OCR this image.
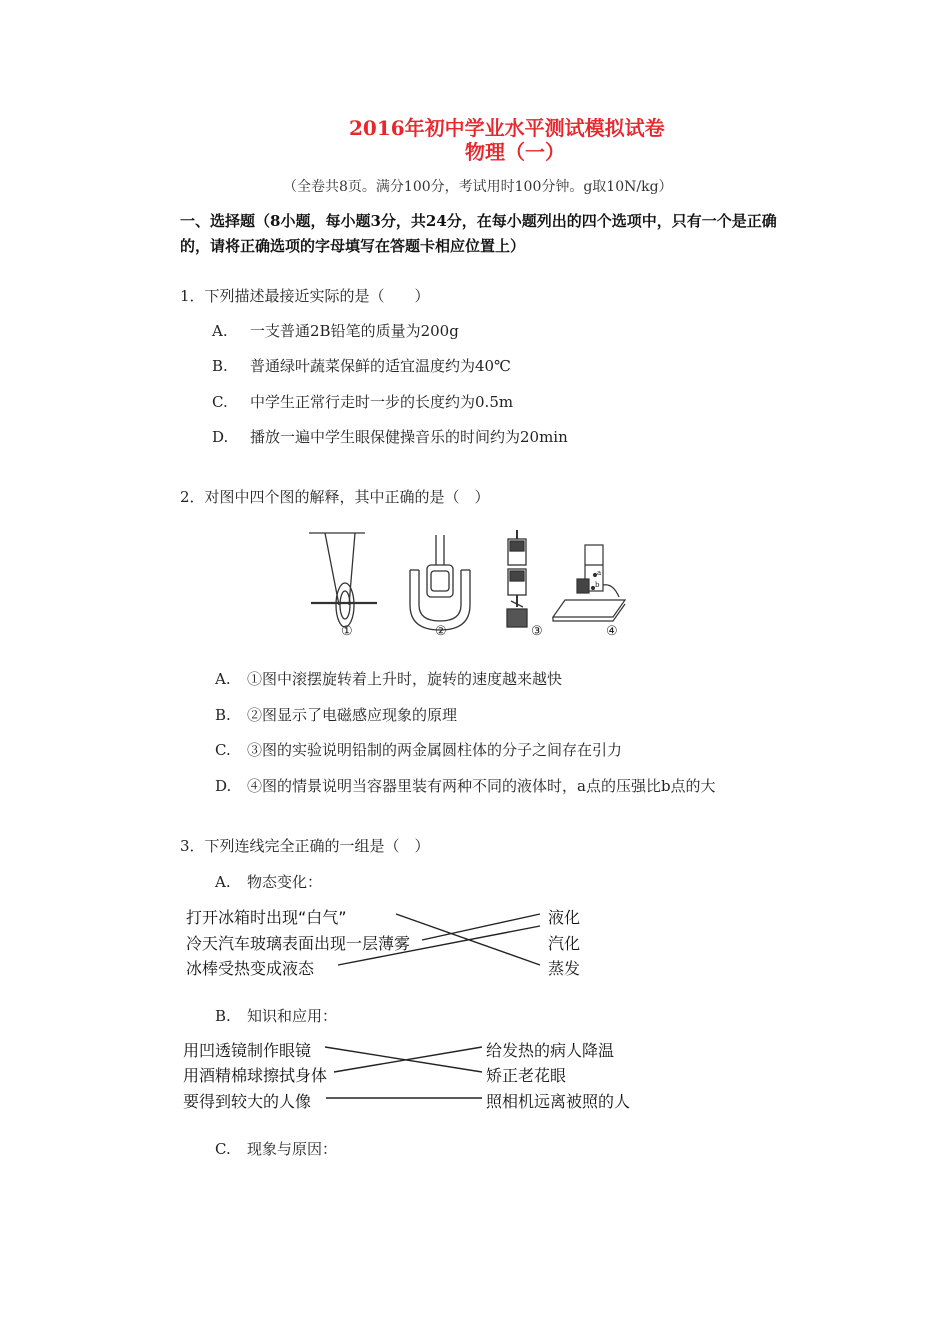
2016年初中学业水平测试模拟试卷
物理（一）
（全卷共8页。满分100分，考试用时100分钟。g取10N/kg）
一、选择题（8小题，每小题3分，共24分，在每小题列出的四个选项中，只有一个是正确
的，请将正确选项的字母填写在答题卡相应位置上）
1．下列描述最接近实际的是（　　）
A. 一支普通2B铅笔的质量为200g
B. 普通绿叶蔬菜保鲜的适宜温度约为40℃
C. 中学生正常行走时一步的长度约为0.5m
D. 播放一遍中学生眼保健操音乐的时间约为20min
2．对图中四个图的解释，其中正确的是（　）
①	②	③	④
a
b
A. ①图中滚摆旋转着上升时，旋转的速度越来越快
B. ②图显示了电磁感应现象的原理
C. ③图的实验说明铅制的两金属圆柱体的分子之间存在引力
D. ④图的情景说明当容器里装有两种不同的液体时，a点的压强比b点的大
3．下列连线完全正确的一组是（　）
A. 物态变化：
打开冰箱时出现“白气”
冷天汽车玻璃表面出现一层薄雾
冰棒受热变成液态
液化
汽化
蒸发
B. 知识和应用：
用凹透镜制作眼镜
用酒精棉球擦拭身体
要得到较大的人像
给发热的病人降温
矫正老花眼
照相机远离被照的人
C. 现象与原因：
